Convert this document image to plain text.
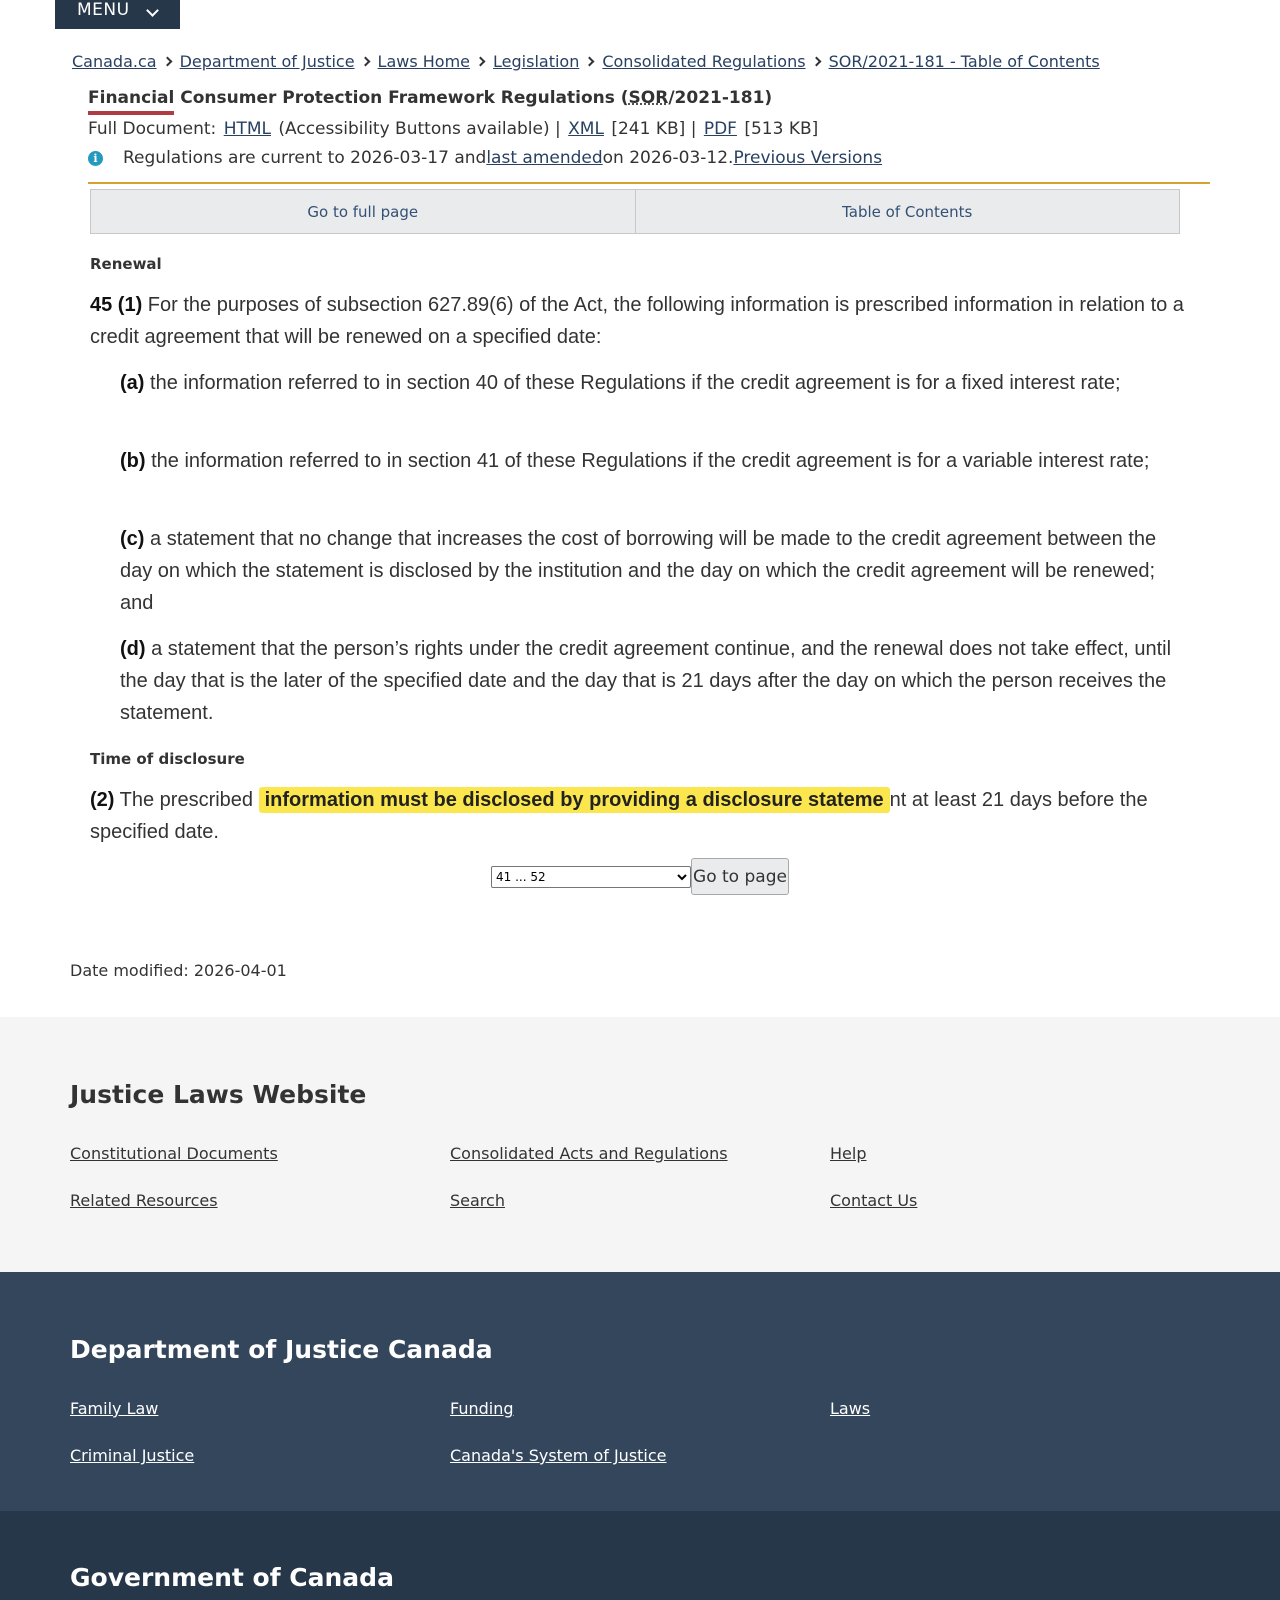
MENU
Canada.ca Department of Justice Laws Home Legislation Consolidated Regulations SOR/2021-181 - Table of Contents
Financial Consumer Protection Framework Regulations (SOR/2021-181)
Full Document: HTML (Accessibility Buttons available) | XML [241 KB] | PDF [513 KB]
i	Regulations are current to 2026-03-17 and last amended on 2026-03-12. Previous Versions
Go to full page	Table of Contents
Renewal

45 (1) For the purposes of subsection 627.89(6) of the Act, the following information is prescribed information in relation to a credit agreement that will be renewed on a specified date:

(a) the information referred to in section 40 of these Regulations if the credit agreement is for a fixed interest rate;

(b) the information referred to in section 41 of these Regulations if the credit agreement is for a variable interest rate;

(c) a statement that no change that increases the cost of borrowing will be made to the credit agreement between the day on which the statement is disclosed by the institution and the day on which the credit agreement will be renewed; and

(d) a statement that the person’s rights under the credit agreement continue, and the renewal does not take effect, until the day that is the later of the specified date and the day that is 21 days after the day on which the person receives the statement.

Time of disclosure

(2) The prescribed information must be disclosed by providing a disclosure stateme nt at least 21 days before the specified date.

41 ... 52
Go to page
Date modified: 2026-04-01
Justice Laws Website
Constitutional Documents	Consolidated Acts and Regulations	Help
Related Resources	Search	Contact Us
Department of Justice Canada
Family Law	Funding	Laws
Criminal Justice	Canada's System of Justice
Government of Canada
